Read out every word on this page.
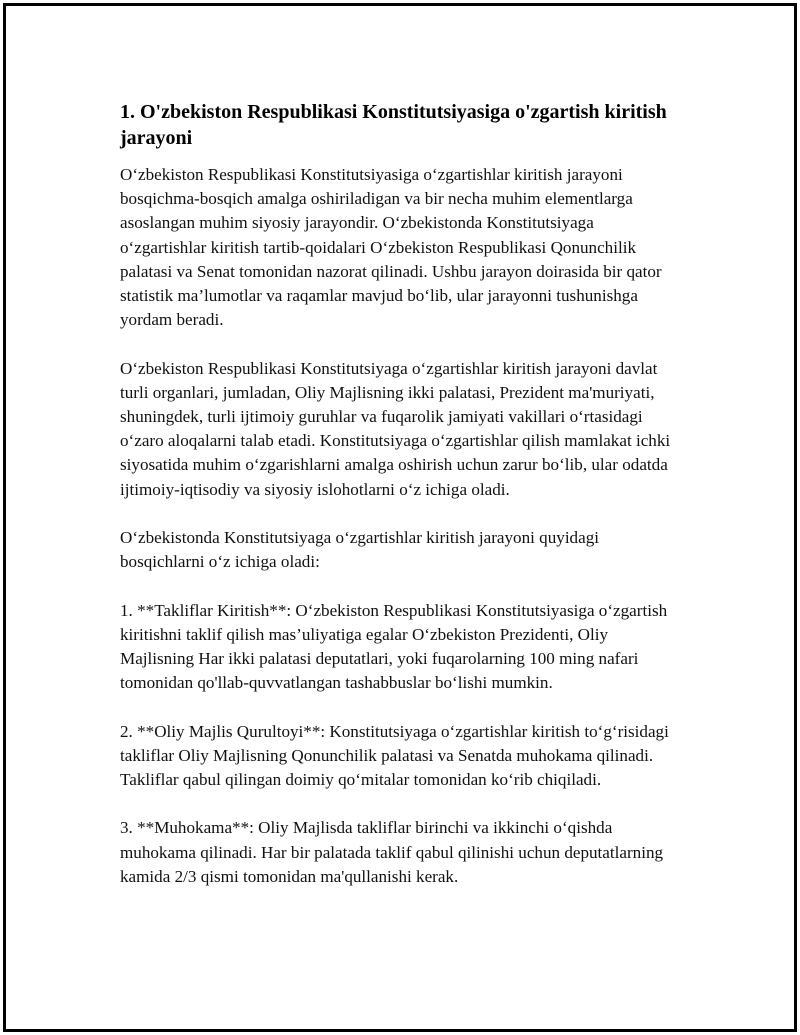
1. O'zbekiston Respublikasi Konstitutsiyasiga o'zgartish kiritish jarayoni

O‘zbekiston Respublikasi Konstitutsiyasiga o‘zgartishlar kiritish jarayoni bosqichma-bosqich amalga oshiriladigan va bir necha muhim elementlarga asoslangan muhim siyosiy jarayondir. O‘zbekistonda Konstitutsiyaga o‘zgartishlar kiritish tartib-qoidalari O‘zbekiston Respublikasi Qonunchilik palatasi va Senat tomonidan nazorat qilinadi. Ushbu jarayon doirasida bir qator statistik ma’lumotlar va raqamlar mavjud bo‘lib, ular jarayonni tushunishga yordam beradi.

O‘zbekiston Respublikasi Konstitutsiyaga o‘zgartishlar kiritish jarayoni davlat turli organlari, jumladan, Oliy Majlisning ikki palatasi, Prezident ma'muriyati, shuningdek, turli ijtimoiy guruhlar va fuqarolik jamiyati vakillari o‘rtasidagi o‘zaro aloqalarni talab etadi. Konstitutsiyaga o‘zgartishlar qilish mamlakat ichki siyosatida muhim o‘zgarishlarni amalga oshirish uchun zarur bo‘lib, ular odatda ijtimoiy-iqtisodiy va siyosiy islohotlarni o‘z ichiga oladi.

O‘zbekistonda Konstitutsiyaga o‘zgartishlar kiritish jarayoni quyidagi bosqichlarni o‘z ichiga oladi:

1. **Takliflar Kiritish**: O‘zbekiston Respublikasi Konstitutsiyasiga o‘zgartish kiritishni taklif qilish mas’uliyatiga egalar O‘zbekiston Prezidenti, Oliy Majlisning Har ikki palatasi deputatlari, yoki fuqarolarning 100 ming nafari tomonidan qo'llab-quvvatlangan tashabbuslar bo‘lishi mumkin.

2. **Oliy Majlis Qurultoyi**: Konstitutsiyaga o‘zgartishlar kiritish to‘g‘risidagi takliflar Oliy Majlisning Qonunchilik palatasi va Senatda muhokama qilinadi. Takliflar qabul qilingan doimiy qo‘mitalar tomonidan ko‘rib chiqiladi.

3. **Muhokama**: Oliy Majlisda takliflar birinchi va ikkinchi o‘qishda muhokama qilinadi. Har bir palatada taklif qabul qilinishi uchun deputatlarning kamida 2/3 qismi tomonidan ma'qullanishi kerak.
